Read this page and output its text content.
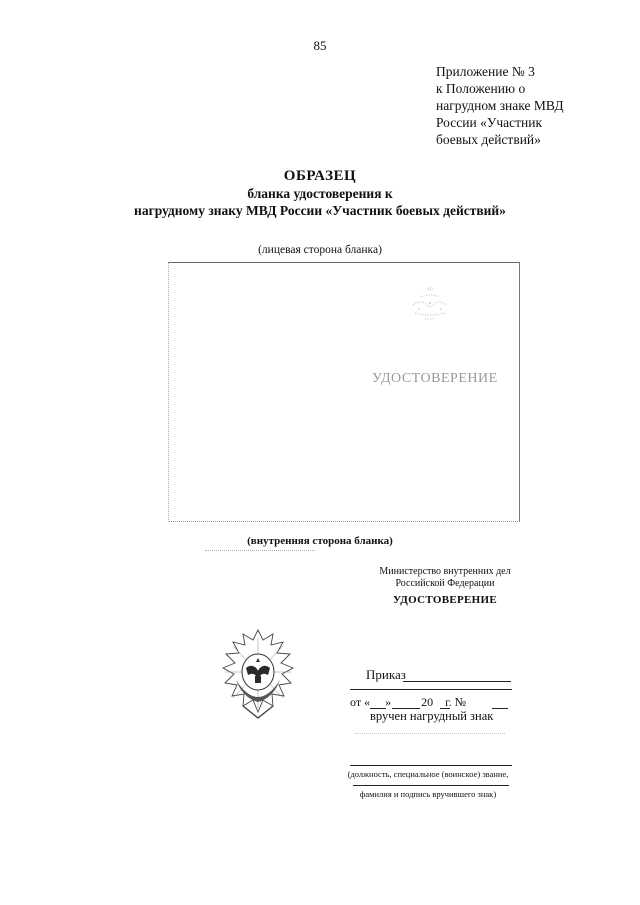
85
Приложение № 3
к Положению о
нагрудном знаке МВД
России «Участник
боевых действий»
ОБРАЗЕЦ
бланка удостоверения к
нагрудному знаку МВД России «Участник боевых действий»
(лицевая сторона бланка)
УДОСТОВЕРЕНИЕ
(внутренняя сторона бланка)
Министерство внутренних дел
Российской Федерации
УДОСТОВЕРЕНИЕ
Приказ
от «     »          20    г. №
вручен нагрудный знак
(должность, специальное (воинское) звание,
фамилия и подпись вручившего знак)
